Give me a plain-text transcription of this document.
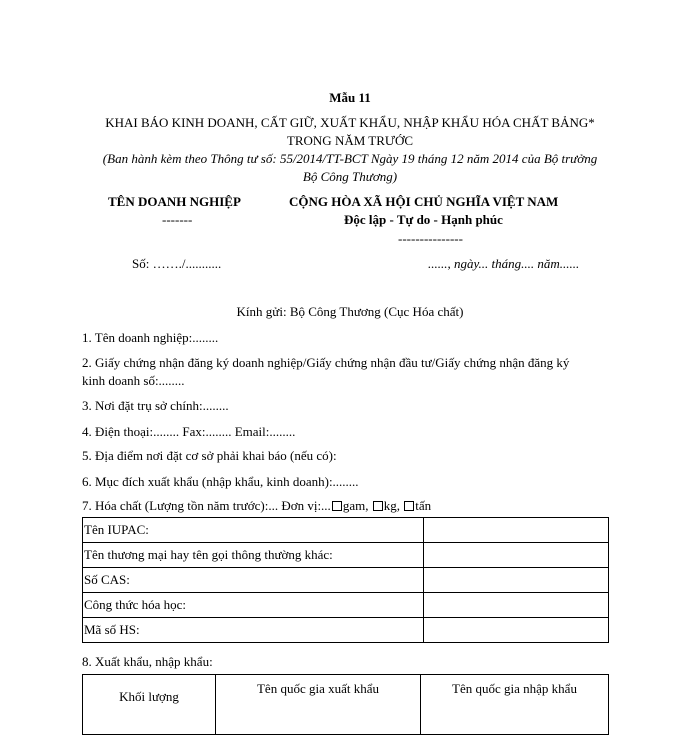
Mẫu 11
KHAI BÁO KINH DOANH, CẤT GIỮ, XUẤT KHẨU, NHẬP KHẨU HÓA CHẤT BẢNG*
TRONG NĂM TRƯỚC
(Ban hành kèm theo Thông tư số: 55/2014/TT-BCT Ngày 19 tháng 12 năm 2014 của Bộ trưởng
Bộ Công Thương)
TÊN DOANH NGHIỆP
-------
Số: ……./...........
CỘNG HÒA XÃ HỘI CHỦ NGHĨA VIỆT NAM
Độc lập - Tự do - Hạnh phúc
---------------
......, ngày... tháng.... năm......
Kính gửi: Bộ Công Thương (Cục Hóa chất)
1. Tên doanh nghiệp:........
2. Giấy chứng nhận đăng ký doanh nghiệp/Giấy chứng nhận đầu tư/Giấy chứng nhận đăng ký
kinh doanh số:........
3. Nơi đặt trụ sở chính:........
4. Điện thoại:........ Fax:........ Email:........
5. Địa điểm nơi đặt cơ sở phải khai báo (nếu có):
6. Mục đích xuất khẩu (nhập khẩu, kinh doanh):........
7. Hóa chất (Lượng tồn năm trước):... Đơn vị:... gam, kg, tấn
Tên IUPAC:	
Tên thương mại hay tên gọi thông thường khác:	
Số CAS:	
Công thức hóa học:	
Mã số HS:	
8. Xuất khẩu, nhập khẩu:
Khối lượng	Tên quốc gia xuất khẩu	Tên quốc gia nhập khẩu
